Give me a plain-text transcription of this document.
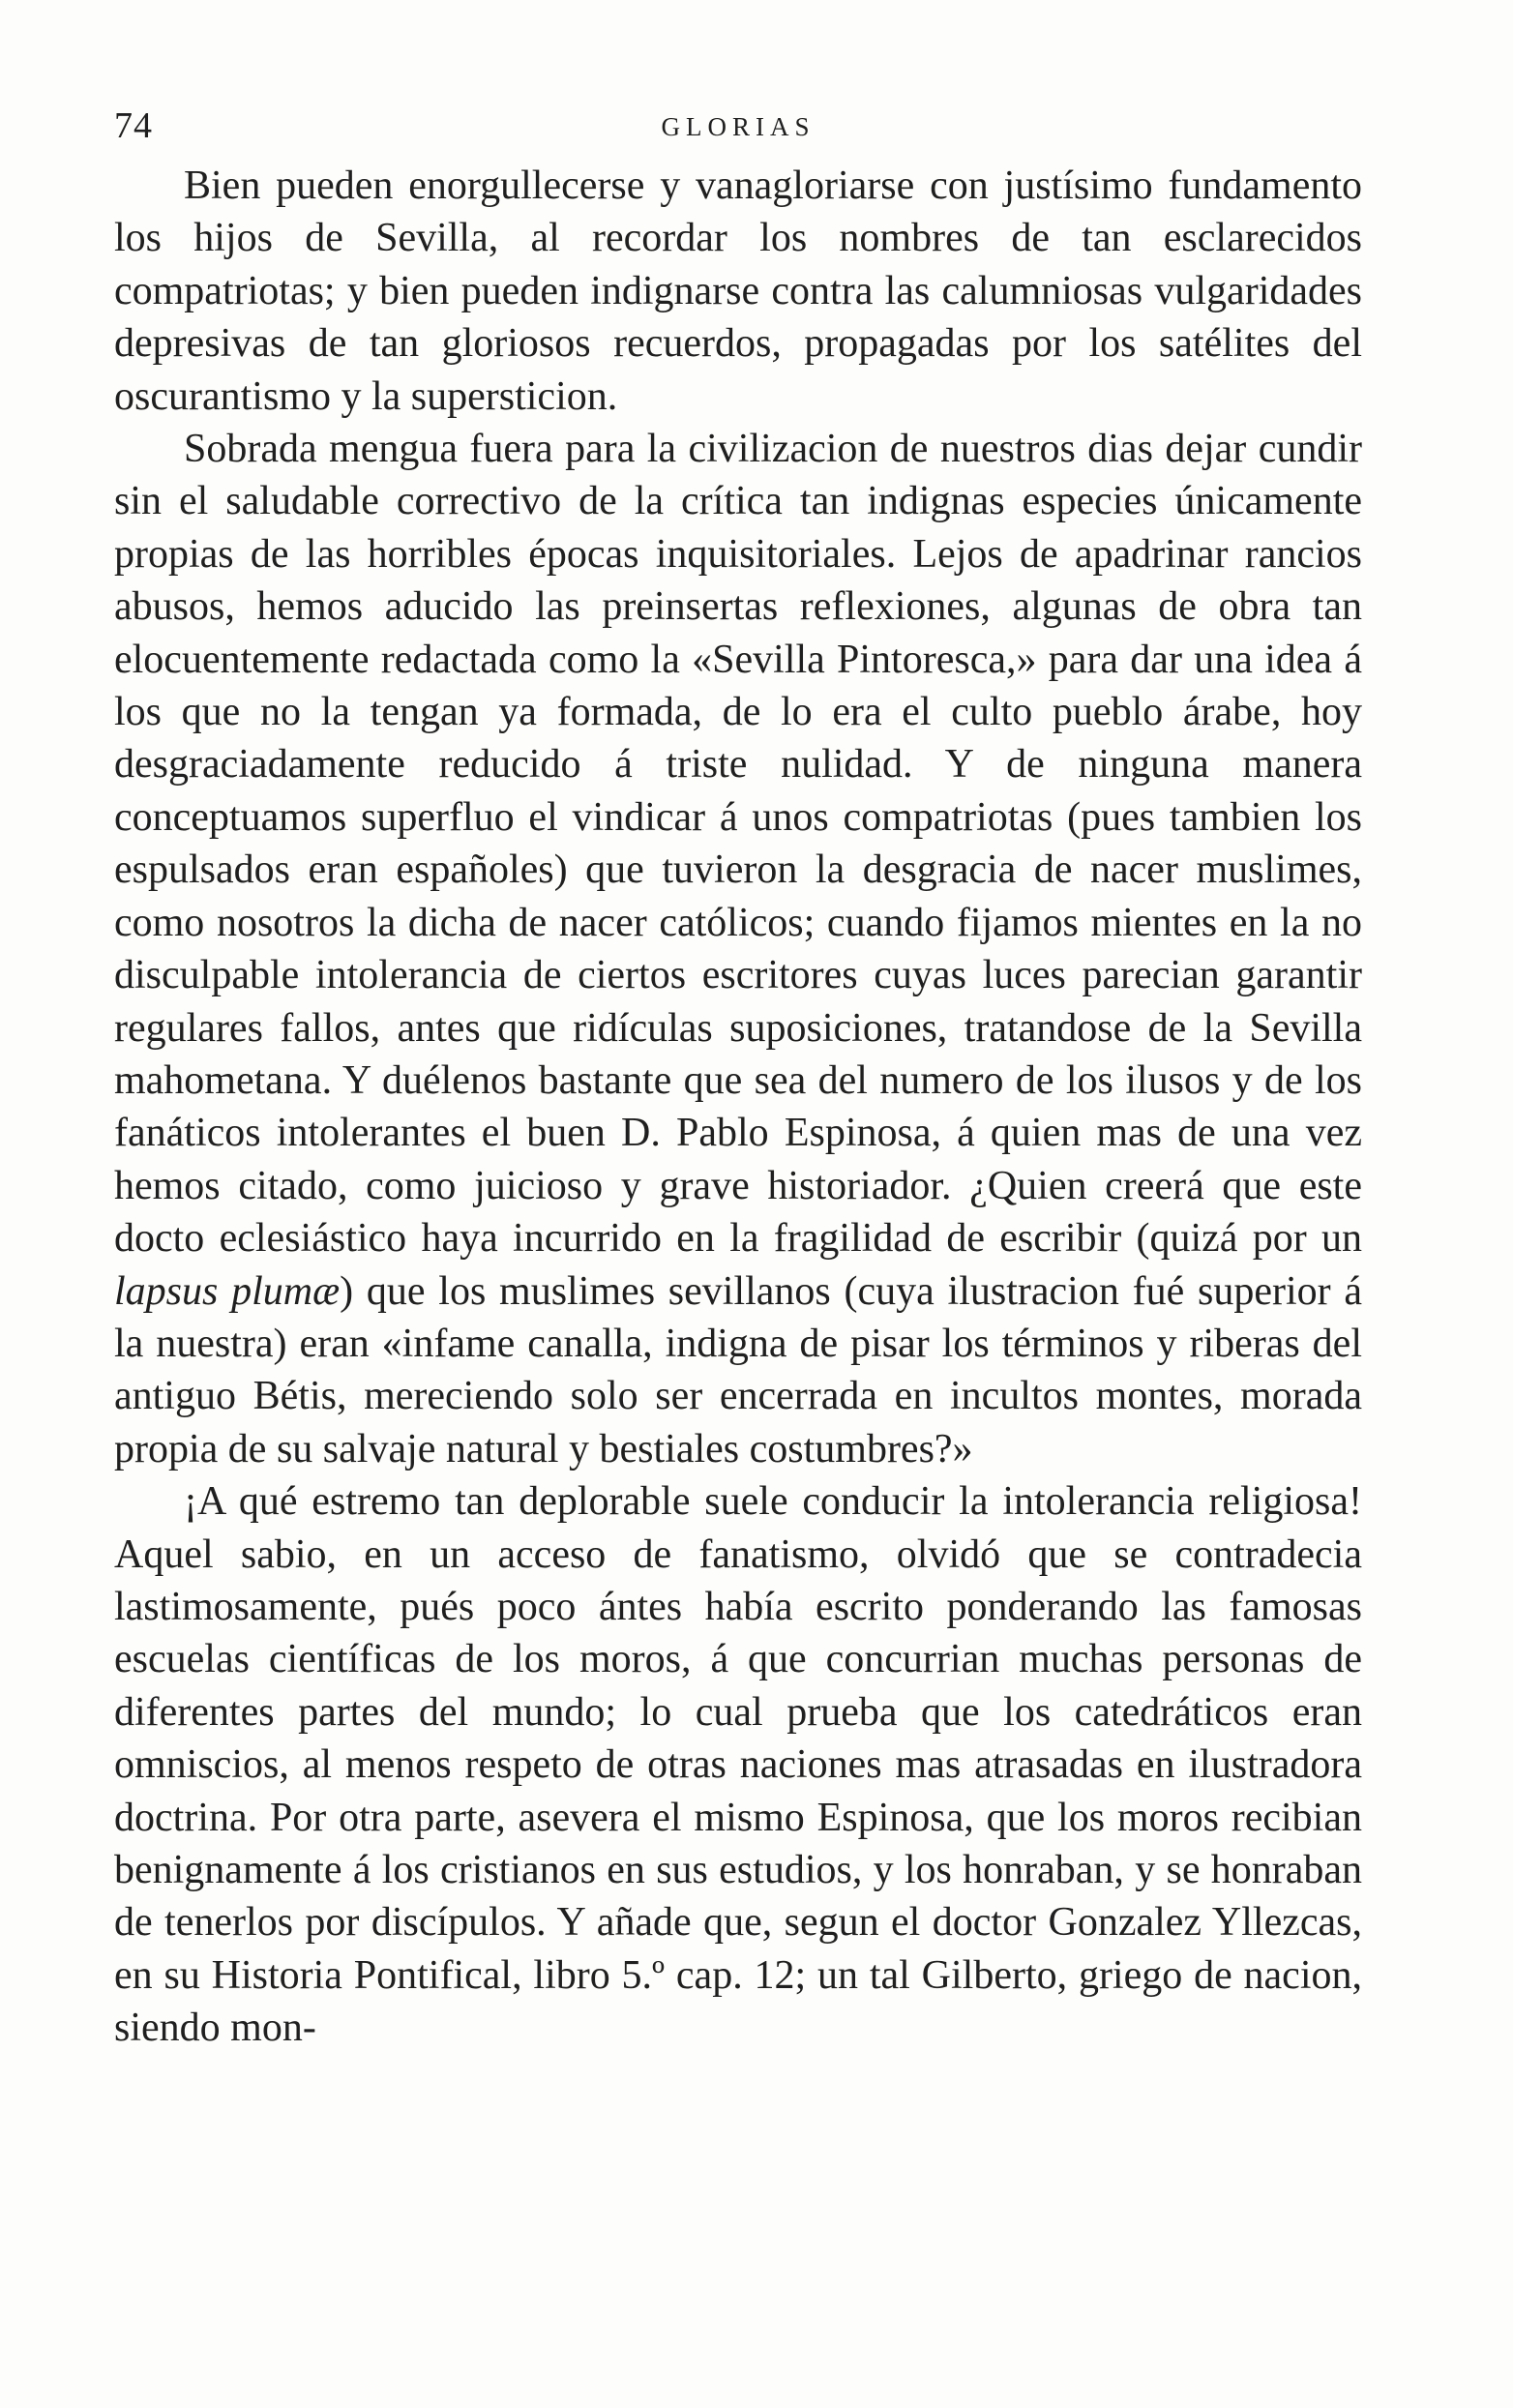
74	GLORIAS

Bien pueden enorgullecerse y vanagloriarse con justísimo fundamento los hijos de Sevilla, al recordar los nombres de tan esclarecidos compatriotas; y bien pueden indignarse contra las calumniosas vulgaridades depresivas de tan gloriosos recuerdos, propagadas por los satélites del oscurantismo y la supersticion.

Sobrada mengua fuera para la civilizacion de nuestros dias dejar cundir sin el saludable correctivo de la crítica tan indignas especies únicamente propias de las horribles épocas inquisitoriales. Lejos de apadrinar rancios abusos, hemos aducido las preinsertas reflexiones, algunas de obra tan elocuentemente redactada como la «Sevilla Pintoresca,» para dar una idea á los que no la tengan ya formada, de lo era el culto pueblo árabe, hoy desgraciadamente reducido á triste nulidad. Y de ninguna manera conceptuamos superfluo el vindicar á unos compatriotas (pues tambien los espulsados eran españoles) que tuvieron la desgracia de nacer muslimes, como nosotros la dicha de nacer católicos; cuando fijamos mientes en la no disculpable intolerancia de ciertos escritores cuyas luces parecian garantir regulares fallos, antes que ridículas suposiciones, tratandose de la Sevilla mahometana. Y duélenos bastante que sea del numero de los ilusos y de los fanáticos intolerantes el buen D. Pablo Espinosa, á quien mas de una vez hemos citado, como juicioso y grave historiador. ¿Quien creerá que este docto eclesiástico haya incurrido en la fragilidad de escribir (quizá por un lapsus plumæ) que los muslimes sevillanos (cuya ilustracion fué superior á la nuestra) eran «infame canalla, indigna de pisar los términos y riberas del antiguo Bétis, mereciendo solo ser encerrada en incultos montes, morada propia de su salvaje natural y bestiales costumbres?»

¡A qué estremo tan deplorable suele conducir la intolerancia religiosa! Aquel sabio, en un acceso de fanatismo, olvidó que se contradecia lastimosamente, pués poco ántes había escrito ponderando las famosas escuelas científicas de los moros, á que concurrian muchas personas de diferentes partes del mundo; lo cual prueba que los catedráticos eran omniscios, al menos respeto de otras naciones mas atrasadas en ilustradora doctrina. Por otra parte, asevera el mismo Espinosa, que los moros recibian benignamente á los cristianos en sus estudios, y los honraban, y se honraban de tenerlos por discípulos. Y añade que, segun el doctor Gonzalez Yllezcas, en su Historia Pontifical, libro 5.º cap. 12; un tal Gilberto, griego de nacion, siendo mon-
